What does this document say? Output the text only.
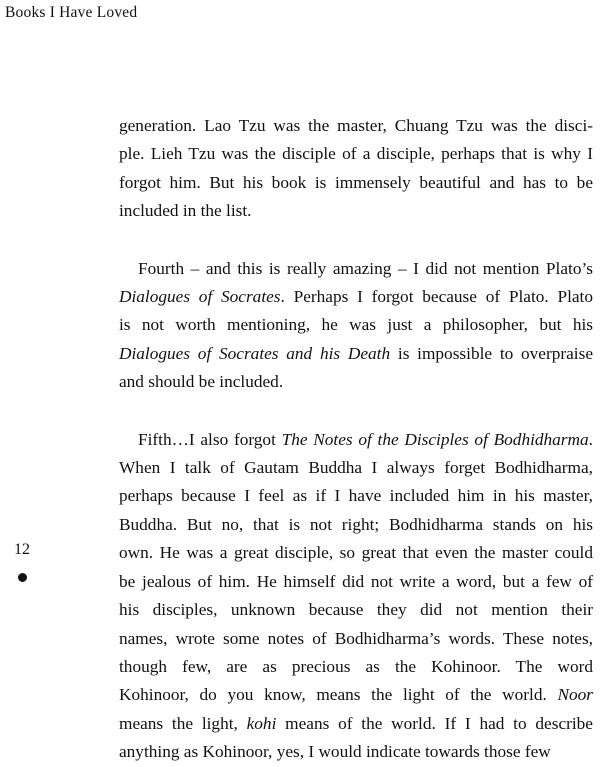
Books I Have Loved
12
generation. Lao Tzu was the master, Chuang Tzu was the disci-
ple. Lieh Tzu was the disciple of a disciple, perhaps that is why I
forgot him. But his book is immensely beautiful and has to be
included in the list.
Fourth – and this is really amazing – I did not mention Plato’s
Dialogues of Socrates. Perhaps I forgot because of Plato. Plato
is not worth mentioning, he was just a philosopher, but his
Dialogues of Socrates and his Death is impossible to overpraise
and should be included.
Fifth…I also forgot The Notes of the Disciples of Bodhidharma.
When I talk of Gautam Buddha I always forget Bodhidharma,
perhaps because I feel as if I have included him in his master,
Buddha. But no, that is not right; Bodhidharma stands on his
own. He was a great disciple, so great that even the master could
be jealous of him. He himself did not write a word, but a few of
his disciples, unknown because they did not mention their
names, wrote some notes of Bodhidharma’s words. These notes,
though few, are as precious as the Kohinoor. The word
Kohinoor, do you know, means the light of the world. Noor
means the light, kohi means of the world. If I had to describe
anything as Kohinoor, yes, I would indicate towards those few
